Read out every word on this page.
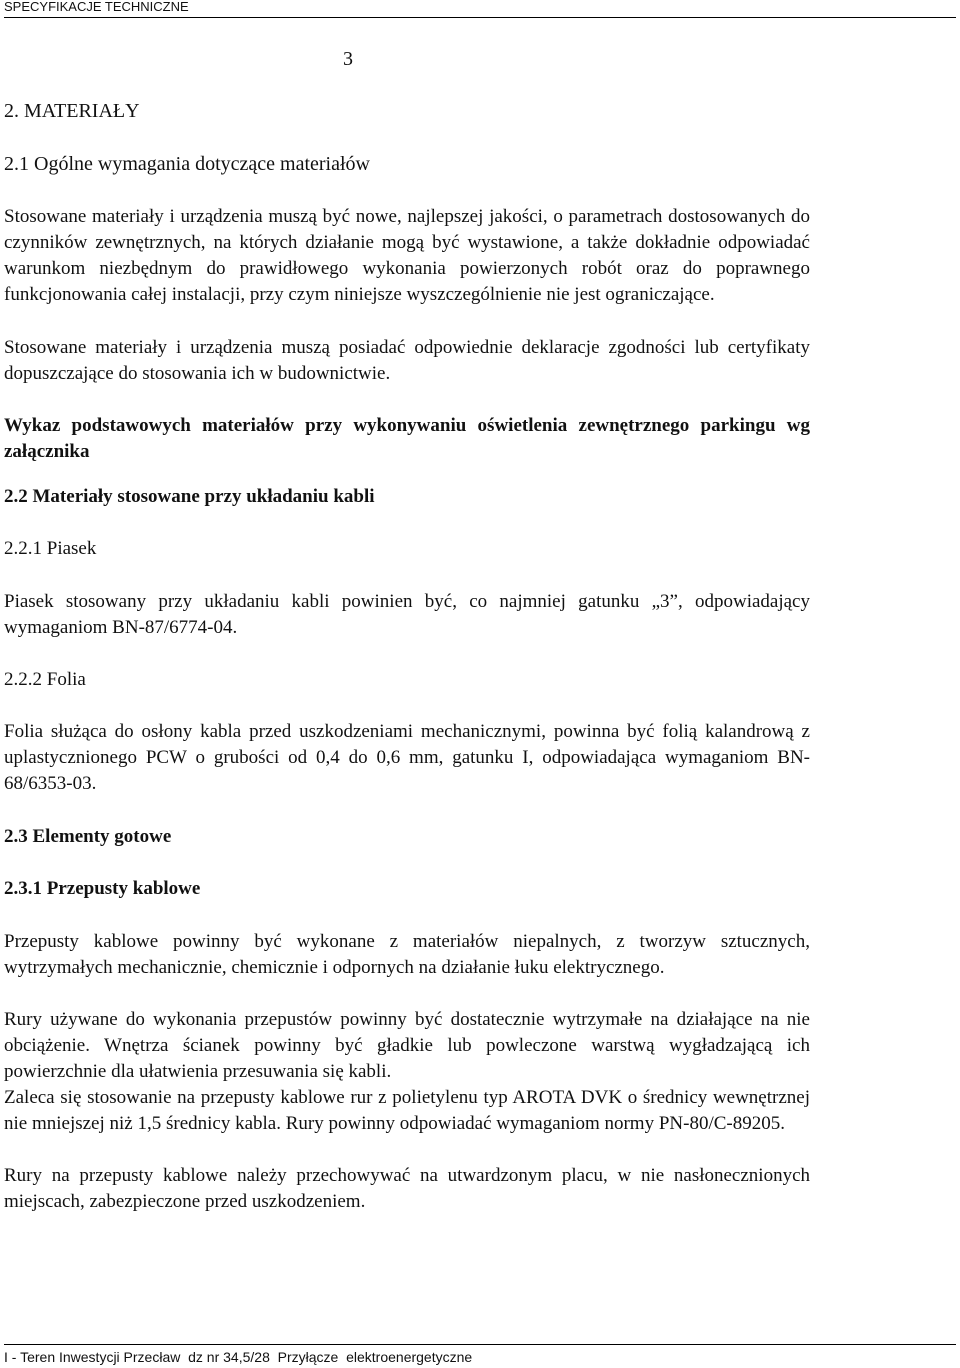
SPECYFIKACJE TECHNICZNE
3

2. MATERIAŁY

2.1 Ogólne wymagania dotyczące materiałów

Stosowane materiały i urządzenia muszą być nowe, najlepszej jakości, o parametrach dostosowanych do czynników zewnętrznych, na których działanie mogą być wystawione, a także dokładnie odpowiadać warunkom niezbędnym do prawidłowego wykonania powierzonych robót oraz do poprawnego funkcjonowania całej instalacji, przy czym niniejsze wyszczególnienie nie jest ograniczające.

Stosowane materiały i urządzenia muszą posiadać odpowiednie deklaracje zgodności lub certyfikaty dopuszczające do stosowania ich w budownictwie.

Wykaz podstawowych materiałów przy wykonywaniu oświetlenia zewnętrznego parkingu wg załącznika

2.2 Materiały stosowane przy układaniu kabli

2.2.1 Piasek

Piasek stosowany przy układaniu kabli powinien być, co najmniej gatunku „3”, odpowiadający wymaganiom BN-87/6774-04.

2.2.2 Folia

Folia służąca do osłony kabla przed uszkodzeniami mechanicznymi, powinna być folią kalandrową z uplastycznionego PCW o grubości od 0,4 do 0,6 mm, gatunku I, odpowiadająca wymaganiom BN-68/6353-03.

2.3 Elementy gotowe

2.3.1 Przepusty kablowe

Przepusty kablowe powinny być wykonane z materiałów niepalnych, z tworzyw sztucznych, wytrzymałych mechanicznie, chemicznie i odpornych na działanie łuku elektrycznego.

Rury używane do wykonania przepustów powinny być dostatecznie wytrzymałe na działające na nie obciążenie. Wnętrza ścianek powinny być gładkie lub powleczone warstwą wygładzającą ich powierzchnie dla ułatwienia przesuwania się kabli.

Zaleca się stosowanie na przepusty kablowe rur z polietylenu typ AROTA DVK o średnicy wewnętrznej nie mniejszej niż 1,5 średnicy kabla. Rury powinny odpowiadać wymaganiom normy PN-80/C-89205.

Rury na przepusty kablowe należy przechowywać na utwardzonym placu, w nie nasłonecznionych miejscach, zabezpieczone przed uszkodzeniem.

I - Teren Inwestycji Przecław  dz nr 34,5/28  Przyłącze  elektroenergetyczne
